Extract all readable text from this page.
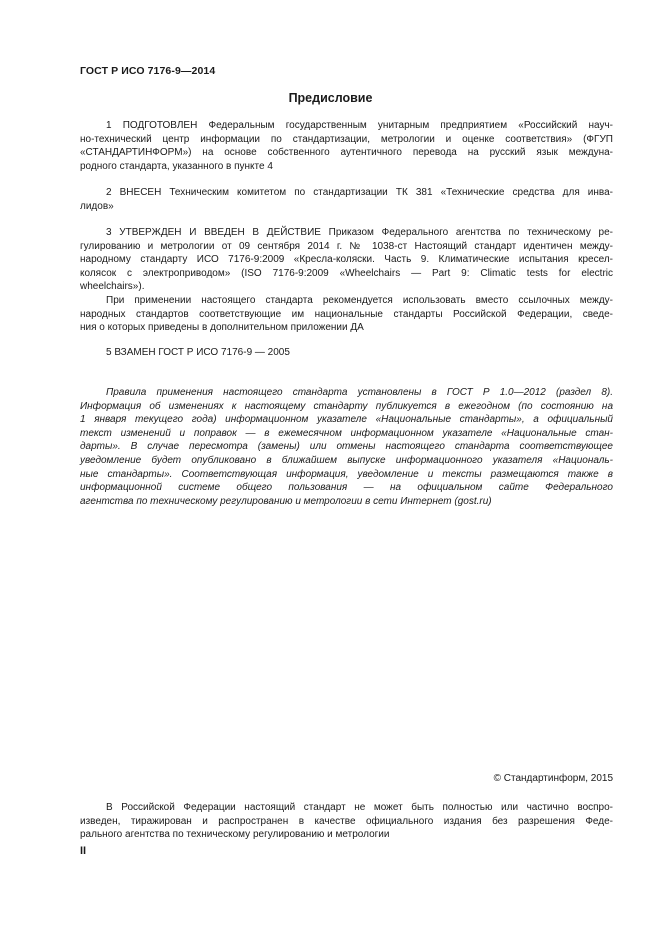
ГОСТ Р ИСО 7176-9—2014
Предисловие
1 ПОДГОТОВЛЕН Федеральным государственным унитарным предприятием «Российский науч-
но-технический центр информации по стандартизации, метрологии и оценке соответствия» (ФГУП
«СТАНДАРТИНФОРМ») на основе собственного аутентичного перевода на русский язык междуна-
родного стандарта, указанного в пункте 4
2 ВНЕСЕН Техническим комитетом по стандартизации ТК 381 «Технические средства для инва-
лидов»
3 УТВЕРЖДЕН И ВВЕДЕН В ДЕЙСТВИЕ Приказом Федерального агентства по техническому ре-
гулированию и метрологии от 09 сентября 2014 г. № 1038-ст Настоящий стандарт идентичен между-
народному стандарту ИСО 7176-9:2009 «Кресла-коляски. Часть 9. Климатические испытания кресел-
колясок с электроприводом» (ISO 7176-9:2009 «Wheelchairs — Part 9: Climatic tests for electric
wheelchairs»).
При применении настоящего стандарта рекомендуется использовать вместо ссылочных между-
народных стандартов соответствующие им национальные стандарты Российской Федерации, сведе-
ния о которых приведены в дополнительном приложении ДА
5 ВЗАМЕН ГОСТ Р ИСО 7176-9 — 2005
Правила применения настоящего стандарта установлены в ГОСТ Р 1.0—2012 (раздел 8).
Информация об изменениях к настоящему стандарту публикуется в ежегодном (по состоянию на
1 января текущего года) информационном указателе «Национальные стандарты», а официальный
текст изменений и поправок — в ежемесячном информационном указателе «Национальные стан-
дарты». В случае пересмотра (замены) или отмены настоящего стандарта соответствующее
уведомление будет опубликовано в ближайшем выпуске информационного указателя «Националь-
ные стандарты». Соответствующая информация, уведомление и тексты размещаются также в
информационной системе общего пользования — на официальном сайте Федерального
агентства по техническому регулированию и метрологии в сети Интернет (gost.ru)
© Стандартинформ, 2015
В Российской Федерации настоящий стандарт не может быть полностью или частично воспро-
изведен, тиражирован и распространен в качестве официального издания без разрешения Феде-
рального агентства по техническому регулированию и метрологии
II
